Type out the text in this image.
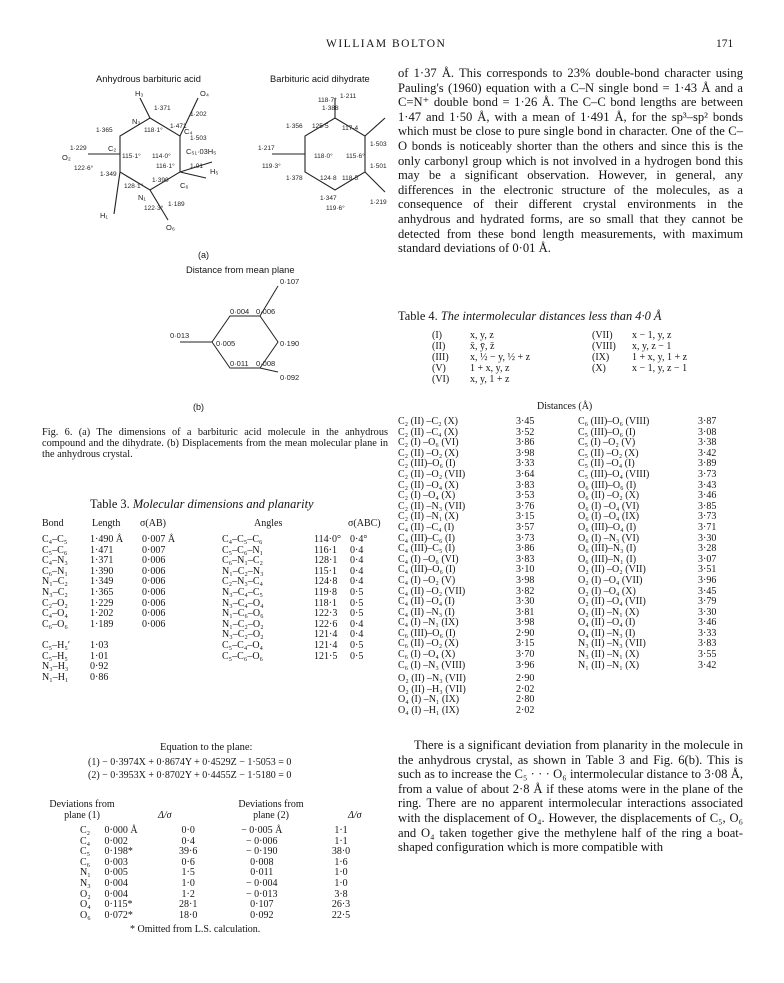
WILLIAM BOLTON	171
Anhydrous barbituric acid	Barbituric acid dihydrate
H₃
N₃
O₄
C₄
C₅₁·03H₅
H₅
C₆
O₆
N₁
H₁
C₂
O₂
1·371
1·202
1·471
1·503
1·390
1·189
1·349
1·229
1·365	118·1°
114·0°
115·1°
122·6°
122·3°
128·1°
116·1° 1·01
1·388
1·211
1·356
1·503
1·378
1·501
1·347
1·219
1·217
118·7°
118·0° 115·6°
119·3°
119·6°
125·5 117·4
124·8 118·5
(a)
Distance from mean plane
0·107
0·004 0·006
0·013
0·005	0·190
0·011 0·008
0·092
(b)
Fig. 6. (a) The dimensions of a barbituric acid molecule in the anhydrous compound and the dihydrate. (b) Displacements from the mean molecular plane in the anhydrous crystal.
Table 3. Molecular dimensions and planarity
Bond	Length σ(AB)	Angles	σ(ABC)
C₄–C₅	1·490 Å	0·007 Å	C₄–C₅–C₆	114·0°	0·4°
C₅–C₆	1·471	0·007	C₅–C₆–N₁	116·1	0·4
C₄–N₃	1·371	0·006	C₆–N₁–C₂	128·1	0·4
C₆–N₁	1·390	0·006	N₁–C₂–N₃	115·1	0·4
N₁–C₂	1·349	0·006	C₂–N₃–C₄	124·8	0·4
N₃–C₂	1·365	0·006	N₃–C₄–C₅	119·8	0·5
C₂–O₂	1·229	0·006	N₃–C₄–O₄	118·1	0·5
C₄–O₄	1·202	0·006	N₁–C₆–O₆	122·3	0·5
C₆–O₆	1·189	0·006	N₁–C₂–O₂	122·6	0·4
			N₃–C₂–O₂	121·4	0·4
C₅–H₅′	1·03		C₅–C₄–O₄	121·4	0·5
C₅–H₅	1·01		C₅–C₆–O₆	121·5	0·5
N₃–H₃	0·92				
N₁–H₁	0·86				
Equation to the plane:
(1) − 0·3974X + 0·8674Y + 0·4529Z − 1·5053 = 0
(2) − 0·3953X + 0·8702Y + 0·4455Z − 1·5180 = 0
Deviations from plane (1)	Δ/σ
Deviations from plane (2)	Δ/σ
C₂	0·000 Å	0·0	− 0·005 Å	1·1
C₄	0·002	0·4	− 0·006	1·1
C₅	0·198*	39·6	− 0·190	38·0
C₆	0·003	0·6	0·008	1·6
N₁	0·005	1·5	0·011	1·0
N₃	0·004	1·0	− 0·004	1·0
O₂	0·004	1·2	− 0·013	3·8
O₄	0·115*	28·1	0·107	26·3
O₆	0·072*	18·0	0·092	22·5
* Omitted from L.S. calculation.

of 1·37 Å. This corresponds to 23% double-bond character using Pauling's (1960) equation with a C–N single bond = 1·43 Å and a C=N⁺ double bond = 1·26 Å. The C–C bond lengths are between 1·47 and 1·50 Å, with a mean of 1·491 Å, for the sp³–sp² bonds which must be close to pure single bond in character. One of the C–O bonds is noticeably shorter than the others and since this is the only carbonyl group which is not involved in a hydrogen bond this may be a significant observation. However, in general, any differences in the electronic structure of the molecules, as a consequence of their different crystal environments in the anhydrous and hydrated forms, are so small that they cannot be detected from these bond length measurements, with maximum standard deviations of 0·01 Å.

Table 4. The intermolecular distances less than 4·0 Å
(I)	x, y, z
(II)	x̄, ȳ, z̄
(III)	x, ½ − y, ½ + z
(V)	1 + x, y, z
(VI)	x, y, 1 + z
(VII)	x − 1, y, z
(VIII)	x, y, z − 1
(IX)	1 + x, y, 1 + z
(X)	x − 1, y, z − 1
Distances (Å)
C₂ (II) –C₂ (X)	3·45
C₂ (II) –C₄ (X)	3·52
C₂ (I) –O₆ (VI)	3·86
C₂ (II) –O₂ (X)	3·98
C₂ (III)–O₆ (I)	3·33
C₂ (II) –O₂ (VII)	3·64
C₂ (II) –O₄ (X)	3·83
C₂ (I) –O₄ (X)	3·53
C₂ (II) –N₃ (VII)	3·76
C₂ (II) –N₁ (X)	3·15
C₄ (II) –C₄ (I)	3·57
C₄ (III)–C₆ (I)	3·73
C₄ (III)–C₅ (I)	3·86
C₄ (I) –O₆ (VI)	3·83
C₄ (III)–O₆ (I)	3·10
C₄ (I) –O₂ (V)	3·98
C₄ (II) –O₂ (VII)	3·82
C₄ (II) –O₄ (I)	3·30
C₄ (II) –N₃ (I)	3·81
C₄ (I) –N₁ (IX)	3·98
C₆ (III)–O₆ (I)	2·90
C₆ (II) –O₂ (X)	3·15
C₆ (I) –O₄ (X)	3·70
C₆ (I) –N₃ (VIII)	3·96
C₆ (III)–O₆ (VIII)	3·87
C₅ (III)–O₆ (I)	3·08
C₅ (I) –O₂ (V)	3·38
C₅ (II) –O₂ (X)	3·42
C₅ (II) –O₄ (I)	3·89
C₅ (III)–O₄ (VIII)	3·73
O₆ (III)–O₆ (I)	3·43
O₆ (II) –O₂ (X)	3·46
O₆ (I) –O₄ (VI)	3·85
O₆ (I) –O₄ (IX)	3·73
O₆ (III)–O₄ (I)	3·71
O₆ (I) –N₃ (VI)	3·30
O₆ (III)–N₃ (I)	3·28
O₆ (III)–N₁ (I)	3·07
O₂ (II) –O₂ (VII)	3·51
O₂ (I) –O₄ (VII)	3·96
O₂ (I) –O₄ (X)	3·45
O₂ (II) –O₄ (VII)	3·79
O₂ (II) –N₁ (X)	3·30
O₄ (II) –O₄ (I)	3·46
O₄ (II) –N₃ (I)	3·33
N₃ (II) –N₃ (VII)	3·83
N₃ (II) –N₁ (X)	3·55
N₁ (II) –N₁ (X)	3·42
O₂ (II) –N₃ (VII)	2·90
O₂ (II) –H₃ (VII)	2·02
O₄ (I) –N₁ (IX)	2·80
O₄ (I) –H₁ (IX)	2·02

There is a significant deviation from planarity in the molecule in the anhydrous crystal, as shown in Table 3 and Fig. 6(b). This is such as to increase the C₅ · · · O₆ intermolecular distance to 3·08 Å, from a value of about 2·8 Å if these atoms were in the plane of the ring. There are no apparent intermolecular interactions associated with the displacement of O₄. However, the displacements of C₅, O₆ and O₄ taken together give the methylene half of the ring a boat-shaped configuration which is more compatible with
